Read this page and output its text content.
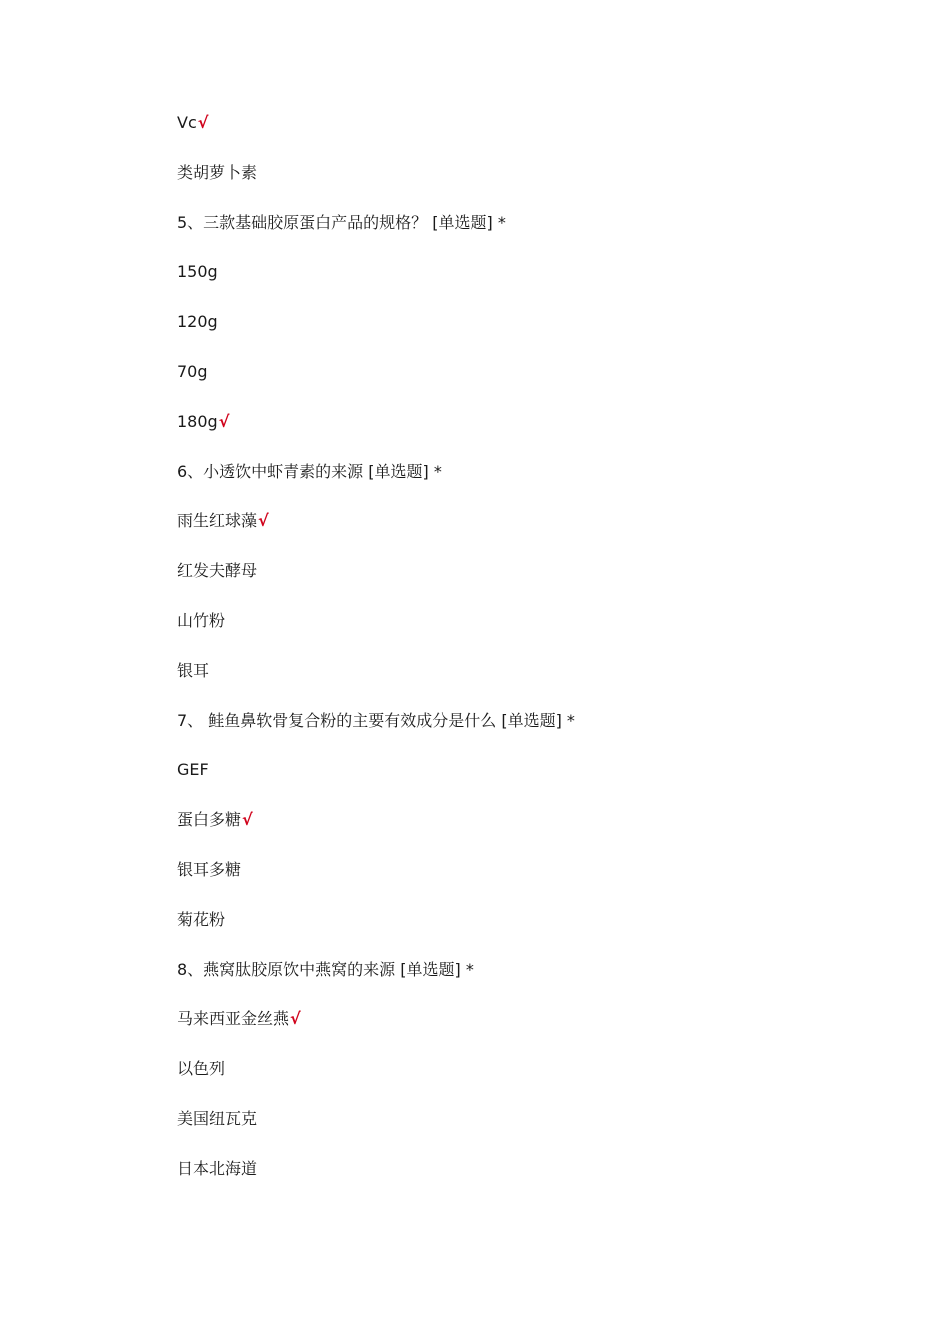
Vc√
类胡萝卜素
5、三款基础胶原蛋白产品的规格？ [单选题] *
150g
120g
70g
180g√
6、小透饮中虾青素的来源 [单选题] *
雨生红球藻√
红发夫酵母
山竹粉
银耳
7、 鲑鱼鼻软骨复合粉的主要有效成分是什么 [单选题] *
GEF
蛋白多糖√
银耳多糖
菊花粉
8、燕窝肽胶原饮中燕窝的来源 [单选题] *
马来西亚金丝燕√
以色列
美国纽瓦克
日本北海道
